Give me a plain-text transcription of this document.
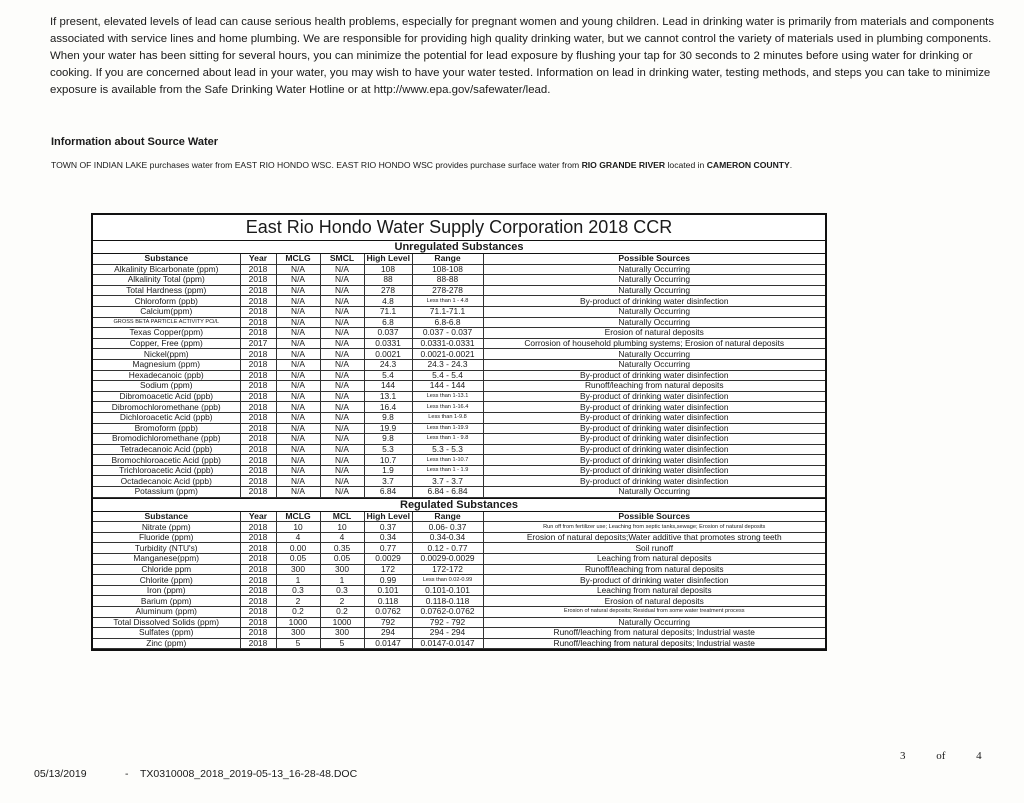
If present, elevated levels of lead can cause serious health problems, especially for pregnant women and young children. Lead in drinking water is primarily from materials and components associated with service lines and home plumbing. We are responsible for providing high quality drinking water, but we cannot control the variety of materials used in plumbing components. When your water has been sitting for several hours, you can minimize the potential for lead exposure by flushing your tap for 30 seconds to 2 minutes before using water for drinking or cooking. If you are concerned about lead in your water, you may wish to have your water tested. Information on lead in drinking water, testing methods, and steps you can take to minimize exposure is available from the Safe Drinking Water Hotline or at http://www.epa.gov/safewater/lead.

Information about Source Water
TOWN OF INDIAN LAKE purchases water from EAST RIO HONDO WSC. EAST RIO HONDO WSC provides purchase surface water from RIO GRANDE RIVER located in CAMERON COUNTY.
East Rio Hondo Water Supply Corporation 2018 CCR
Unregulated Substances
Substance	Year	MCLG	SMCL	High Level	Range	Possible Sources
Alkalinity Bicarbonate (ppm)	2018	N/A	N/A	108	108-108	Naturally Occurring
Alkalinity Total (ppm)	2018	N/A	N/A	88	88-88	Naturally Occurring
Total Hardness (ppm)	2018	N/A	N/A	278	278-278	Naturally Occurring
Chloroform (ppb)	2018	N/A	N/A	4.8	Less than 1 - 4.8	By-product of drinking water disinfection
Calcium(ppm)	2018	N/A	N/A	71.1	71.1-71.1	Naturally Occurring
GROSS BETA PARTICLE ACTIVITY PCi/L	2018	N/A	N/A	6.8	6.8-6.8	Naturally Occurring
Texas Copper(ppm)	2018	N/A	N/A	0.037	0.037 - 0.037	Erosion of natural deposits
Copper, Free (ppm)	2017	N/A	N/A	0.0331	0.0331-0.0331	Corrosion of household plumbing systems; Erosion of natural deposits
Nickel(ppm)	2018	N/A	N/A	0.0021	0.0021-0.0021	Naturally Occurring
Magnesium (ppm)	2018	N/A	N/A	24.3	24.3 - 24.3	Naturally Occurring
Hexadecanoic (ppb)	2018	N/A	N/A	5.4	5.4 - 5.4	By-product of drinking water disinfection
Sodium (ppm)	2018	N/A	N/A	144	144 - 144	Runoff/leaching from natural deposits
Dibromoacetic Acid (ppb)	2018	N/A	N/A	13.1	Less than 1-13.1	By-product of drinking water disinfection
Dibromochloromethane (ppb)	2018	N/A	N/A	16.4	Less than 1-16.4	By-product of drinking water disinfection
Dichloroacetic Acid (ppb)	2018	N/A	N/A	9.8	Less than 1-9.8	By-product of drinking water disinfection
Bromoform (ppb)	2018	N/A	N/A	19.9	Less than 1-19.9	By-product of drinking water disinfection
Bromodichloromethane (ppb)	2018	N/A	N/A	9.8	Less than 1 - 9.8	By-product of drinking water disinfection
Tetradecanoic Acid (ppb)	2018	N/A	N/A	5.3	5.3 - 5.3	By-product of drinking water disinfection
Bromochloroacetic Acid (ppb)	2018	N/A	N/A	10.7	Less than 1-10.7	By-product of drinking water disinfection
Trichloroacetic Acid (ppb)	2018	N/A	N/A	1.9	Less than 1 - 1.9	By-product of drinking water disinfection
Octadecanoic Acid (ppb)	2018	N/A	N/A	3.7	3.7 - 3.7	By-product of drinking water disinfection
Potassium (ppm)	2018	N/A	N/A	6.84	6.84 - 6.84	Naturally Occurring
Regulated Substances
Substance	Year	MCLG	MCL	High Level	Range	Possible Sources
Nitrate (ppm)	2018	10	10	0.37	0.06- 0.37	Run off from fertilizer use; Leaching from septic tanks,sewage; Erosion of natural deposits
Fluoride (ppm)	2018	4	4	0.34	0.34-0.34	Erosion of natural deposits;Water additive that promotes strong teeth
Turbidity (NTU's)	2018	0.00	0.35	0.77	0.12 - 0.77	Soil runoff
Manganese(ppm)	2018	0.05	0.05	0.0029	0.0029-0.0029	Leaching from natural deposits
Chloride ppm	2018	300	300	172	172-172	Runoff/leaching from natural deposits
Chlorite (ppm)	2018	1	1	0.99	Less than 0.02-0.99	By-product of drinking water disinfection
Iron (ppm)	2018	0.3	0.3	0.101	0.101-0.101	Leaching from natural deposits
Barium (ppm)	2018	2	2	0.118	0.118-0.118	Erosion of natural deposits
Aluminum (ppm)	2018	0.2	0.2	0.0762	0.0762-0.0762	Erosion of natural deposits; Residual from some water treatment process
Total Dissolved Solids (ppm)	2018	1000	1000	792	792 - 792	Naturally Occurring
Sulfates (ppm)	2018	300	300	294	294 - 294	Runoff/leaching from natural deposits; Industrial waste
Zinc (ppm)	2018	5	5	0.0147	0.0147-0.0147	Runoff/leaching from natural deposits; Industrial waste
05/13/2019	- TX0310008_2018_2019-05-13_16-28-48.DOC
3	of	4
